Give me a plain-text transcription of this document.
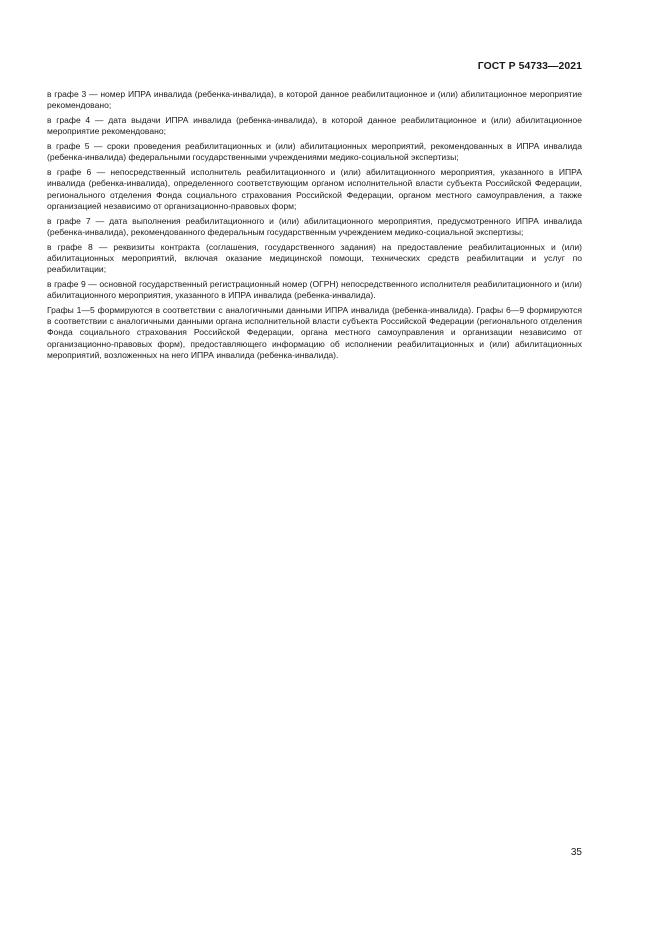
ГОСТ Р 54733—2021

в графе 3 — номер ИПРА инвалида (ребенка-инвалида), в которой данное реабилитационное и (или) абилитационное мероприятие рекомендовано;

в графе 4 — дата выдачи ИПРА инвалида (ребенка-инвалида), в которой данное реабилитационное и (или) абилитационное мероприятие рекомендовано;

в графе 5 — сроки проведения реабилитационных и (или) абилитационных мероприятий, рекомендованных в ИПРА инвалида (ребенка-инвалида) федеральными государственными учреждениями медико-социальной экспертизы;

в графе 6 — непосредственный исполнитель реабилитационного и (или) абилитационного мероприятия, указанного в ИПРА инвалида (ребенка-инвалида), определенного соответствующим органом исполнительной власти субъекта Российской Федерации, регионального отделения Фонда социального страхования Российской Федерации, органом местного самоуправления, а также организацией независимо от организационно-правовых форм;

в графе 7 — дата выполнения реабилитационного и (или) абилитационного мероприятия, предусмотренного ИПРА инвалида (ребенка-инвалида), рекомендованного федеральным государственным учреждением медико-социальной экспертизы;

в графе 8 — реквизиты контракта (соглашения, государственного задания) на предоставление реабилитационных и (или) абилитационных мероприятий, включая оказание медицинской помощи, технических средств реабилитации и услуг по реабилитации;

в графе 9 — основной государственный регистрационный номер (ОГРН) непосредственного исполнителя реабилитационного и (или) абилитационного мероприятия, указанного в ИПРА инвалида (ребенка-инвалида).

Графы 1—5 формируются в соответствии с аналогичными данными ИПРА инвалида (ребенка-инвалида). Графы 6—9 формируются в соответствии с аналогичными данными органа исполнительной власти субъекта Российской Федерации (регионального отделения Фонда социального страхования Российской Федерации, органа местного самоуправления и организации независимо от организационно-правовых форм), предоставляющего информацию об исполнении реабилитационных и (или) абилитационных мероприятий, возложенных на него ИПРА инвалида (ребенка-инвалида).

35
